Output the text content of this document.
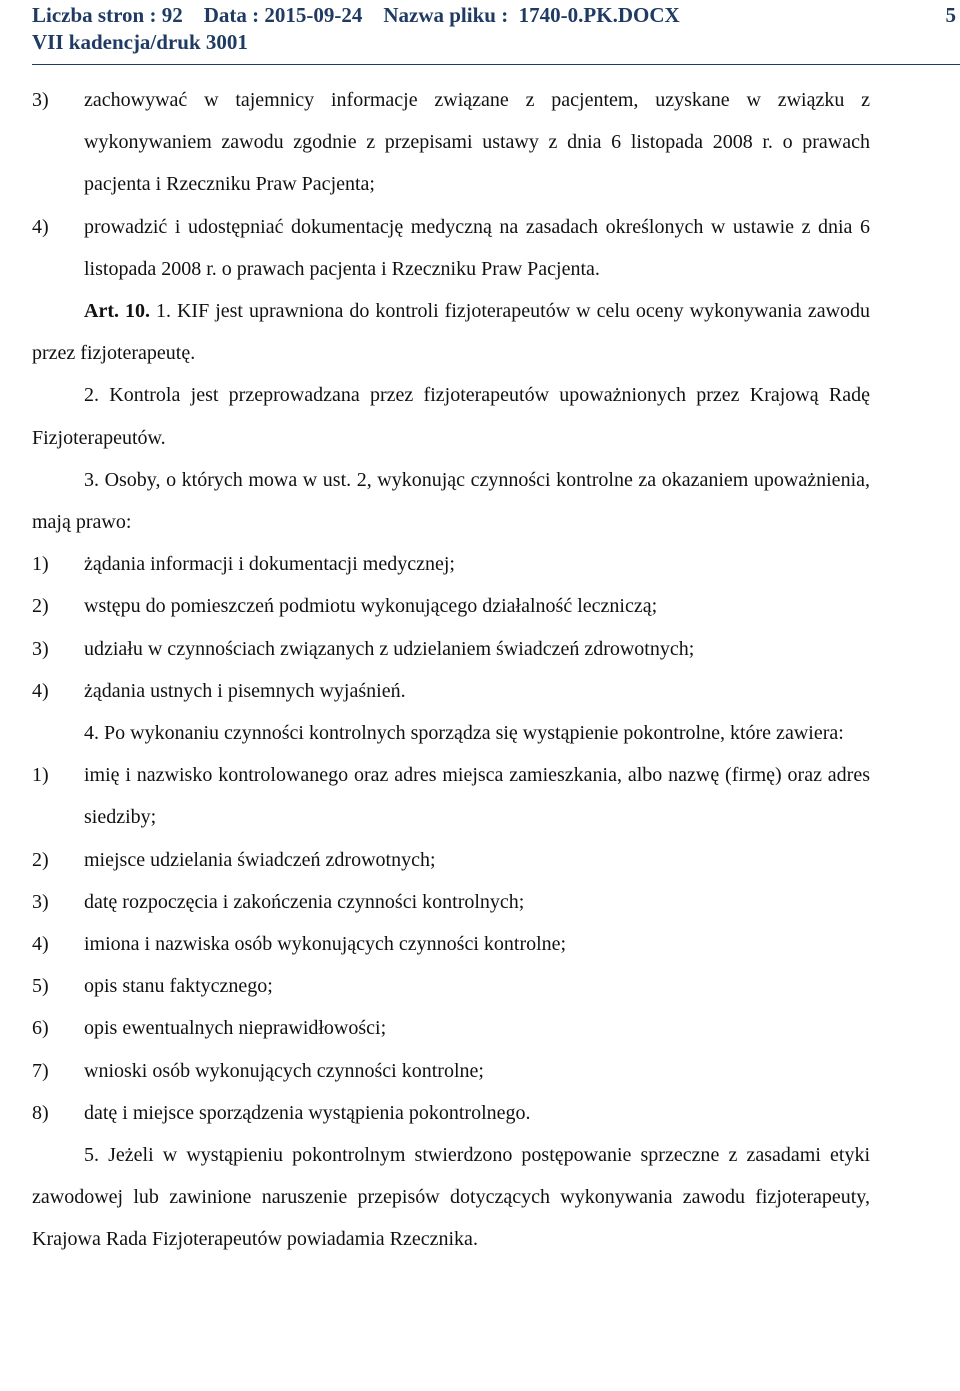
Liczba stron : 92    Data : 2015-09-24    Nazwa pliku :  1740-0.PK.DOCX
VII kadencja/druk 3001
5
3)	zachowywać w tajemnicy informacje związane z pacjentem, uzyskane w związku z wykonywaniem zawodu zgodnie z przepisami ustawy z dnia 6 listopada 2008 r. o prawach pacjenta i Rzeczniku Praw Pacjenta;
4)	prowadzić i udostępniać dokumentację medyczną na zasadach określonych w ustawie z dnia 6 listopada 2008 r. o prawach pacjenta i Rzeczniku Praw Pacjenta.

Art. 10. 1. KIF jest uprawniona do kontroli fizjoterapeutów w celu oceny wykonywania zawodu przez fizjoterapeutę.

2. Kontrola jest przeprowadzana przez fizjoterapeutów upoważnionych przez Krajową Radę Fizjoterapeutów.

3. Osoby, o których mowa w ust. 2, wykonując czynności kontrolne za okazaniem upoważnienia, mają prawo:

1)	żądania informacji i dokumentacji medycznej;
2)	wstępu do pomieszczeń podmiotu wykonującego działalność leczniczą;
3)	udziału w czynnościach związanych z udzielaniem świadczeń zdrowotnych;
4)	żądania ustnych i pisemnych wyjaśnień.

4. Po wykonaniu czynności kontrolnych sporządza się wystąpienie pokontrolne, które zawiera:

1)	imię i nazwisko kontrolowanego oraz adres miejsca zamieszkania, albo nazwę (firmę) oraz adres siedziby;
2)	miejsce udzielania świadczeń zdrowotnych;
3)	datę rozpoczęcia i zakończenia czynności kontrolnych;
4)	imiona i nazwiska osób wykonujących czynności kontrolne;
5)	opis stanu faktycznego;
6)	opis ewentualnych nieprawidłowości;
7)	wnioski osób wykonujących czynności kontrolne;
8)	datę i miejsce sporządzenia wystąpienia pokontrolnego.

5. Jeżeli w wystąpieniu pokontrolnym stwierdzono postępowanie sprzeczne z zasadami etyki zawodowej lub zawinione naruszenie przepisów dotyczących wykonywania zawodu fizjoterapeuty, Krajowa Rada Fizjoterapeutów powiadamia Rzecznika.
